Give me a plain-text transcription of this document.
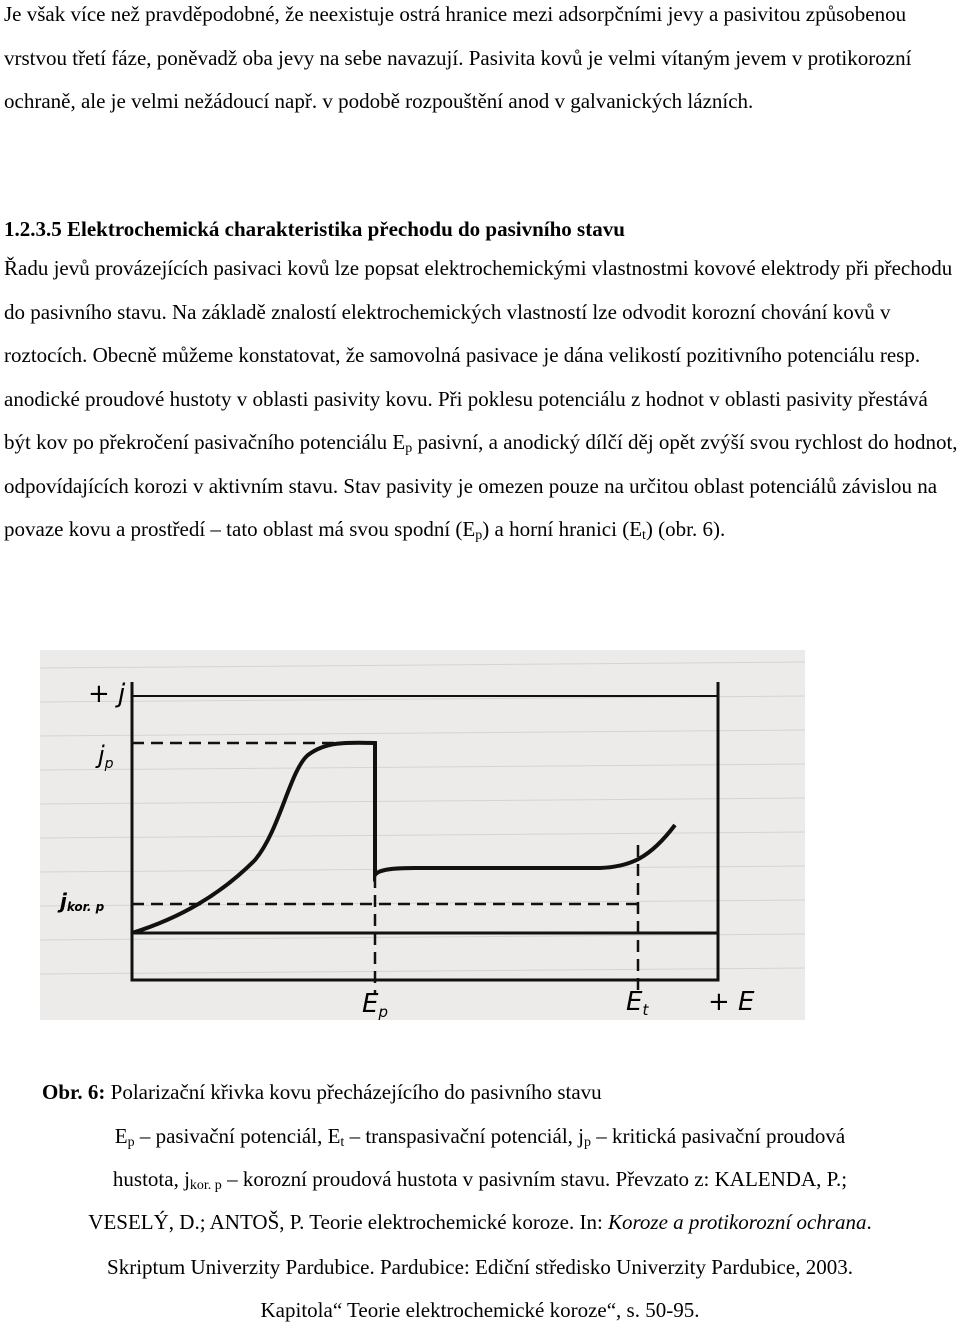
Je však více než pravděpodobné, že neexistuje ostrá hranice mezi adsorpčními jevy a pasivitou způsobenou vrstvou třetí fáze, poněvadž oba jevy na sebe navazují. Pasivita kovů je velmi vítaným jevem v protikorozní ochraně, ale je velmi nežádoucí např. v podobě rozpouštění anod v galvanických lázních.

1.2.3.5 Elektrochemická charakteristika přechodu do pasivního stavu

Řadu jevů provázejících pasivaci kovů lze popsat elektrochemickými vlastnostmi kovové elektrody při přechodu do pasivního stavu. Na základě znalostí elektrochemických vlastností lze odvodit korozní chování kovů v roztocích. Obecně můžeme konstatovat, že samovolná pasivace je dána velikostí pozitivního potenciálu resp. anodické proudové hustoty v oblasti pasivity kovu. Při poklesu potenciálu z hodnot v oblasti pasivity přestává být kov po překročení pasivačního potenciálu $E_p$ pasivní, a anodický dílčí děj opět zvýší svou rychlost do hodnot, odpovídajících korozi v aktivním stavu. Stav pasivity je omezen pouze na určitou oblast potenciálů závislou na povaze kovu a prostředí – tato oblast má svou spodní $(E_p)$ a horní hranici $(E_t)$ (obr. 6).

+ j
$j_p$
jkor. p
Ep	Et + E

Obr. 6: Polarizační křivka kovu přecházejícího do pasivního stavu

$E_p$ – pasivační potenciál, $E_t$ – transpasivační potenciál, $j_p$ – kritická pasivační proudová

hustota, $j_{kor. p}$ – korozní proudová hustota v pasivním stavu. Převzato z: KALENDA, P.;

VESELÝ, D.; ANTOŠ, P. Teorie elektrochemické koroze. In: Koroze a protikorozní ochrana.

Skriptum Univerzity Pardubice. Pardubice: Ediční středisko Univerzity Pardubice, 2003.

Kapitola“ Teorie elektrochemické koroze“, s. 50-95.
